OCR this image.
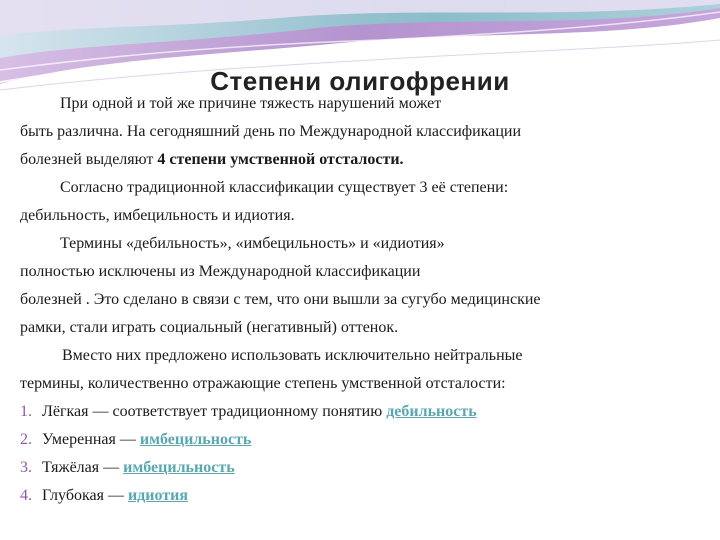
Степени олигофрении
При одной и той же причине тяжесть нарушений может
быть различна. На сегодняшний день по Международной классификации
болезней выделяют 4 степени умственной отсталости.
Согласно традиционной классификации существует 3 её степени:
дебильность, имбецильность и идиотия.
Термины «дебильность», «имбецильность» и «идиотия»
полностью исключены из Международной классификации
болезней . Это сделано в связи с тем, что они вышли за сугубо медицинские
рамки, стали играть социальный (негативный) оттенок.
Вместо них предложено использовать исключительно нейтральные
термины, количественно отражающие степень умственной отсталости:
1. Лёгкая — соответствует традиционному понятию дебильность
2. Умеренная — имбецильность
3. Тяжёлая — имбецильность
4. Глубокая — идиотия
